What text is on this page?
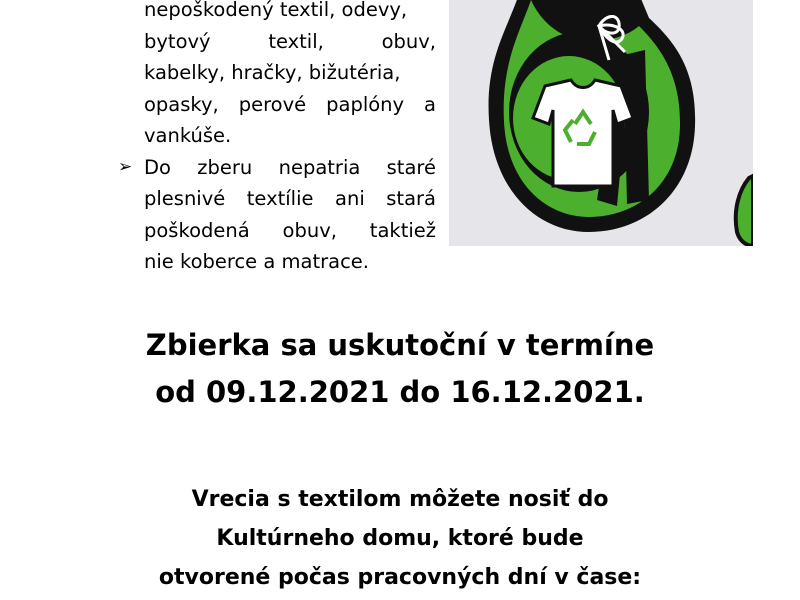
nepoškodený textil, odevy,
bytový textil, obuv,
kabelky, hračky, bižutéria,
opasky, perové paplóny a
vankúše.
➢ Do zberu nepatria staré
plesnivé textílie ani stará
poškodená obuv, taktiež
nie koberce a matrace.
Zbierka sa uskutoční v termíne
od 09.12.2021 do 16.12.2021.
Vrecia s textilom môžete nosiť do
Kultúrneho domu, ktoré bude
otvorené počas pracovných dní v čase:
